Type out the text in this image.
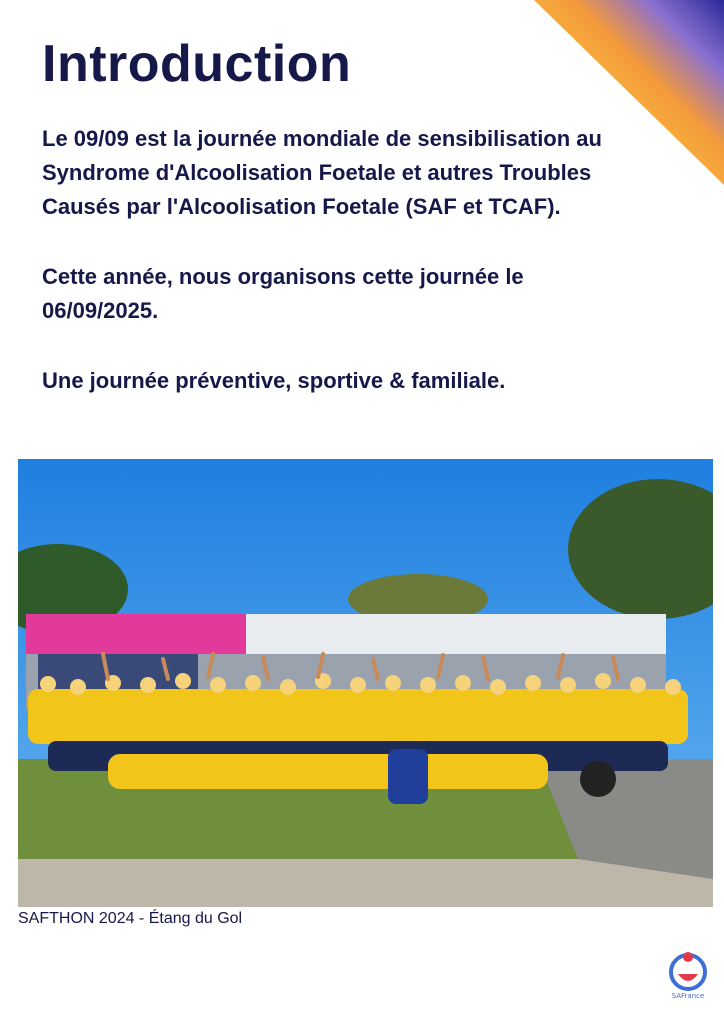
Introduction

Le 09/09 est la journée mondiale de sensibilisation au Syndrome d'Alcoolisation Foetale et autres Troubles Causés par l'Alcoolisation Foetale (SAF et TCAF).

Cette année, nous organisons cette journée le 06/09/2025.

Une journée préventive, sportive & familiale.

SAFTHON 2024 - Étang du Gol

SAFrance
